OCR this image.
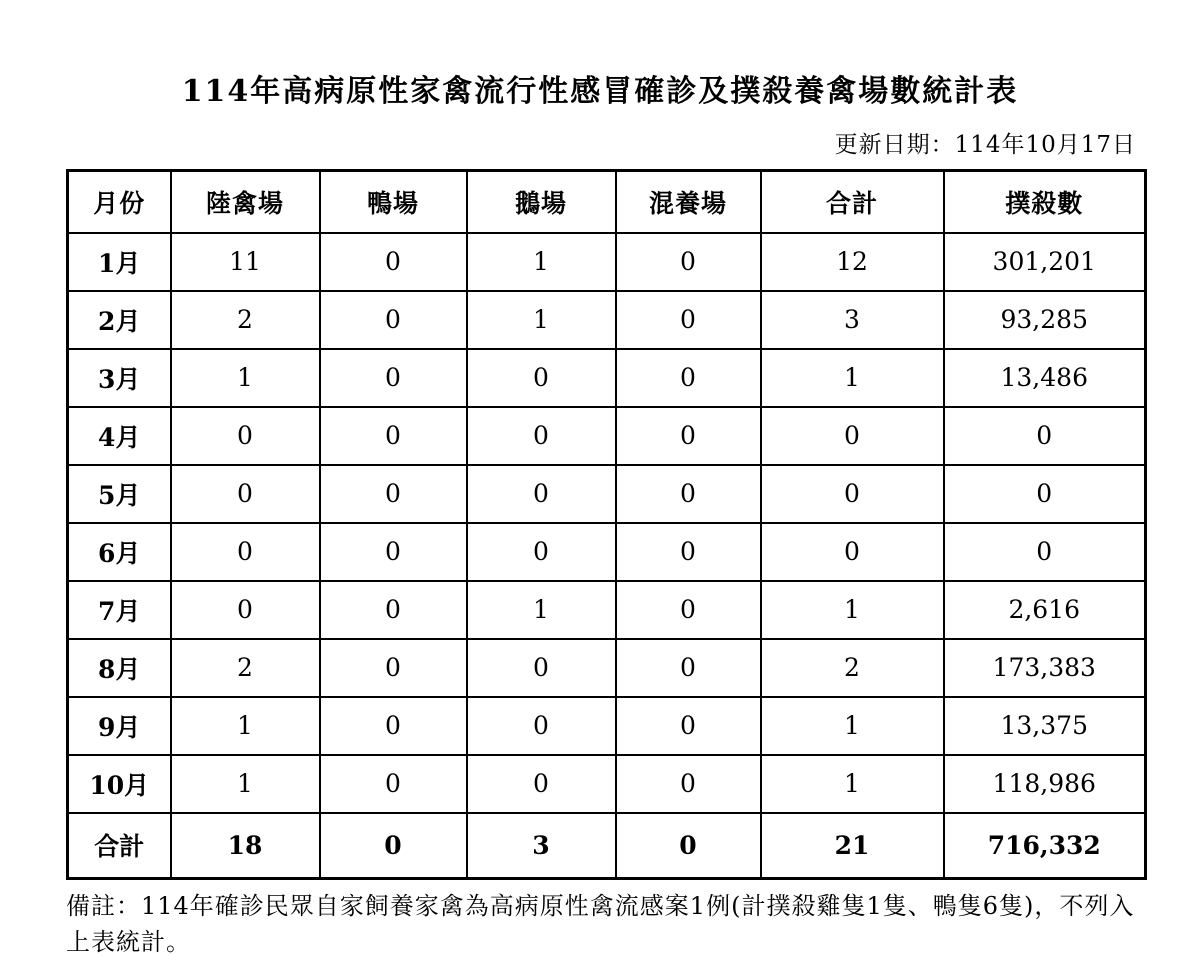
114年高病原性家禽流行性感冒確診及撲殺養禽場數統計表
更新日期：114年10月17日
月份	陸禽場	鴨場	鵝場	混養場	合計	撲殺數
1月	11	0	1	0	12	301,201
2月	2	0	1	0	3	93,285
3月	1	0	0	0	1	13,486
4月	0	0	0	0	0	0
5月	0	0	0	0	0	0
6月	0	0	0	0	0	0
7月	0	0	1	0	1	2,616
8月	2	0	0	0	2	173,383
9月	1	0	0	0	1	13,375
10月	1	0	0	0	1	118,986
合計	18	0	3	0	21	716,332
備註：114年確診民眾自家飼養家禽為高病原性禽流感案1例(計撲殺雞隻1隻、鴨隻6隻)，不列入上表統計。
